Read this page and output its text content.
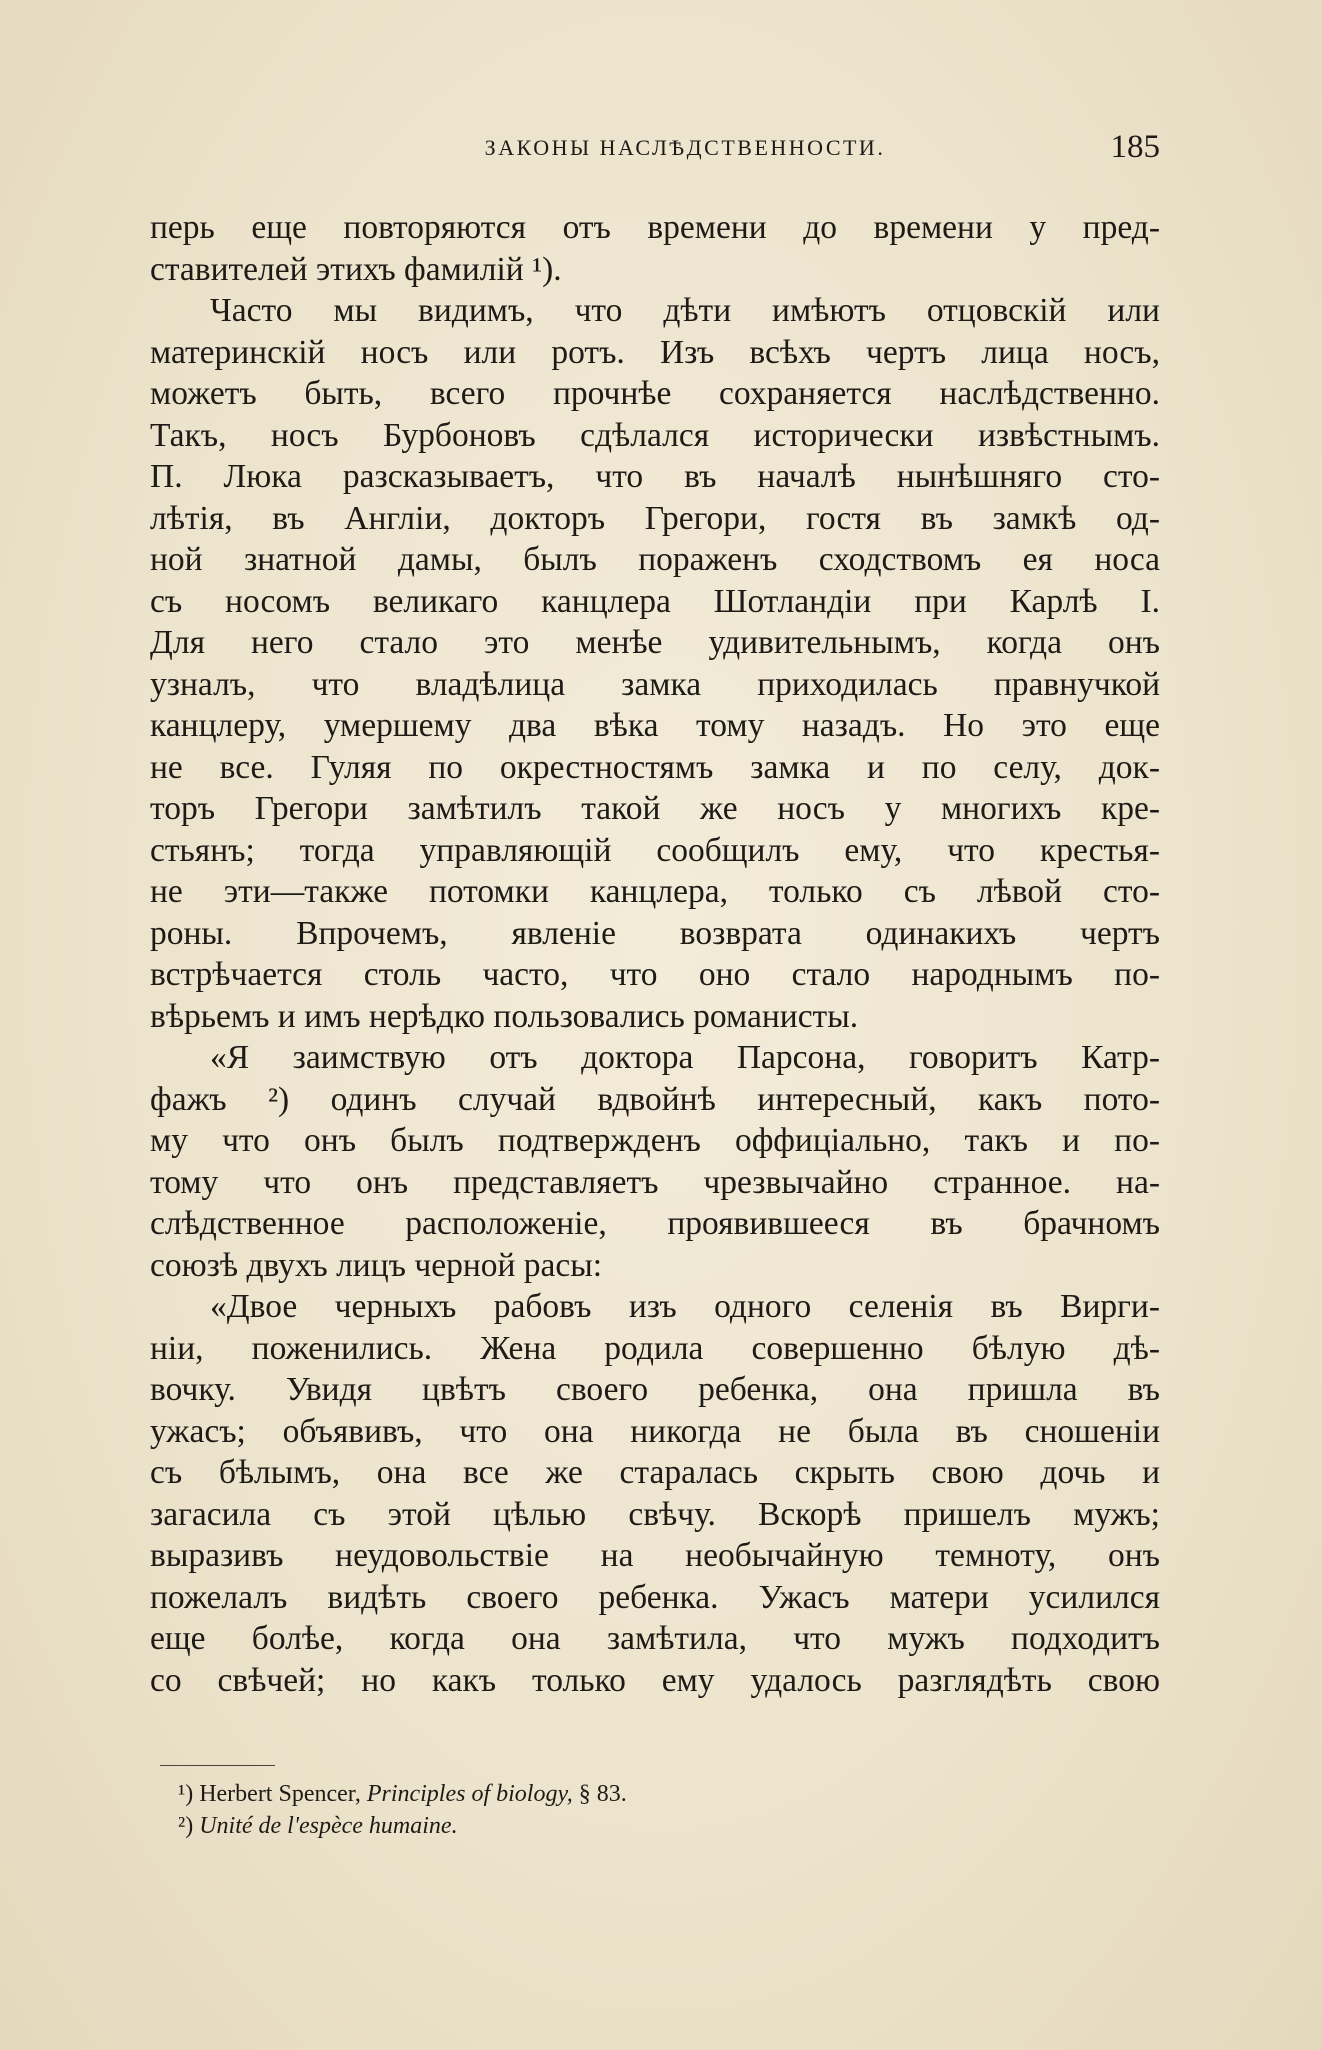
ЗАКОНЫ НАСЛѢДСТВЕННОСТИ.	185
перь еще повторяются отъ времени до времени у пред-
ставителей этихъ фамилій ¹).
Часто мы видимъ, что дѣти имѣютъ отцовскій или
материнскій носъ или ротъ. Изъ всѣхъ чертъ лица носъ,
можетъ быть, всего прочнѣе сохраняется наслѣдственно.
Такъ, носъ Бурбоновъ сдѣлался исторически извѣстнымъ.
П. Люка разсказываетъ, что въ началѣ нынѣшняго сто-
лѣтія, въ Англіи, докторъ Грегори, гостя въ замкѣ од-
ной знатной дамы, былъ пораженъ сходствомъ ея носа
съ носомъ великаго канцлера Шотландіи при Карлѣ I.
Для него стало это менѣе удивительнымъ, когда онъ
узналъ, что владѣлица замка приходилась правнучкой
канцлеру, умершему два вѣка тому назадъ. Но это еще
не все. Гуляя по окрестностямъ замка и по селу, док-
торъ Грегори замѣтилъ такой же носъ у многихъ кре-
стьянъ; тогда управляющій сообщилъ ему, что крестья-
не эти—также потомки канцлера, только съ лѣвой сто-
роны. Впрочемъ, явленіе возврата одинакихъ чертъ
встрѣчается столь часто, что оно стало народнымъ по-
вѣрьемъ и имъ нерѣдко пользовались романисты.
«Я заимствую отъ доктора Парсона, говоритъ Катр-
фажъ ²) одинъ случай вдвойнѣ интересный, какъ пото-
му что онъ былъ подтвержденъ оффиціально, такъ и по-
тому что онъ представляетъ чрезвычайно странное. на-
слѣдственное расположеніе, проявившееся въ брачномъ
союзѣ двухъ лицъ черной расы:
«Двое черныхъ рабовъ изъ одного селенія въ Вирги-
ніи, поженились. Жена родила совершенно бѣлую дѣ-
вочку. Увидя цвѣтъ своего ребенка, она пришла въ
ужасъ; объявивъ, что она никогда не была въ сношеніи
съ бѣлымъ, она все же старалась скрыть свою дочь и
загасила съ этой цѣлью свѣчу. Вскорѣ пришелъ мужъ;
выразивъ неудовольствіе на необычайную темноту, онъ
пожелалъ видѣть своего ребенка. Ужасъ матери усилился
еще болѣе, когда она замѣтила, что мужъ подходитъ
со свѣчей; но какъ только ему удалось разглядѣть свою
¹) Herbert Spencer, Principles of biology, § 83.
²) Unité de l'espèce humaine.
